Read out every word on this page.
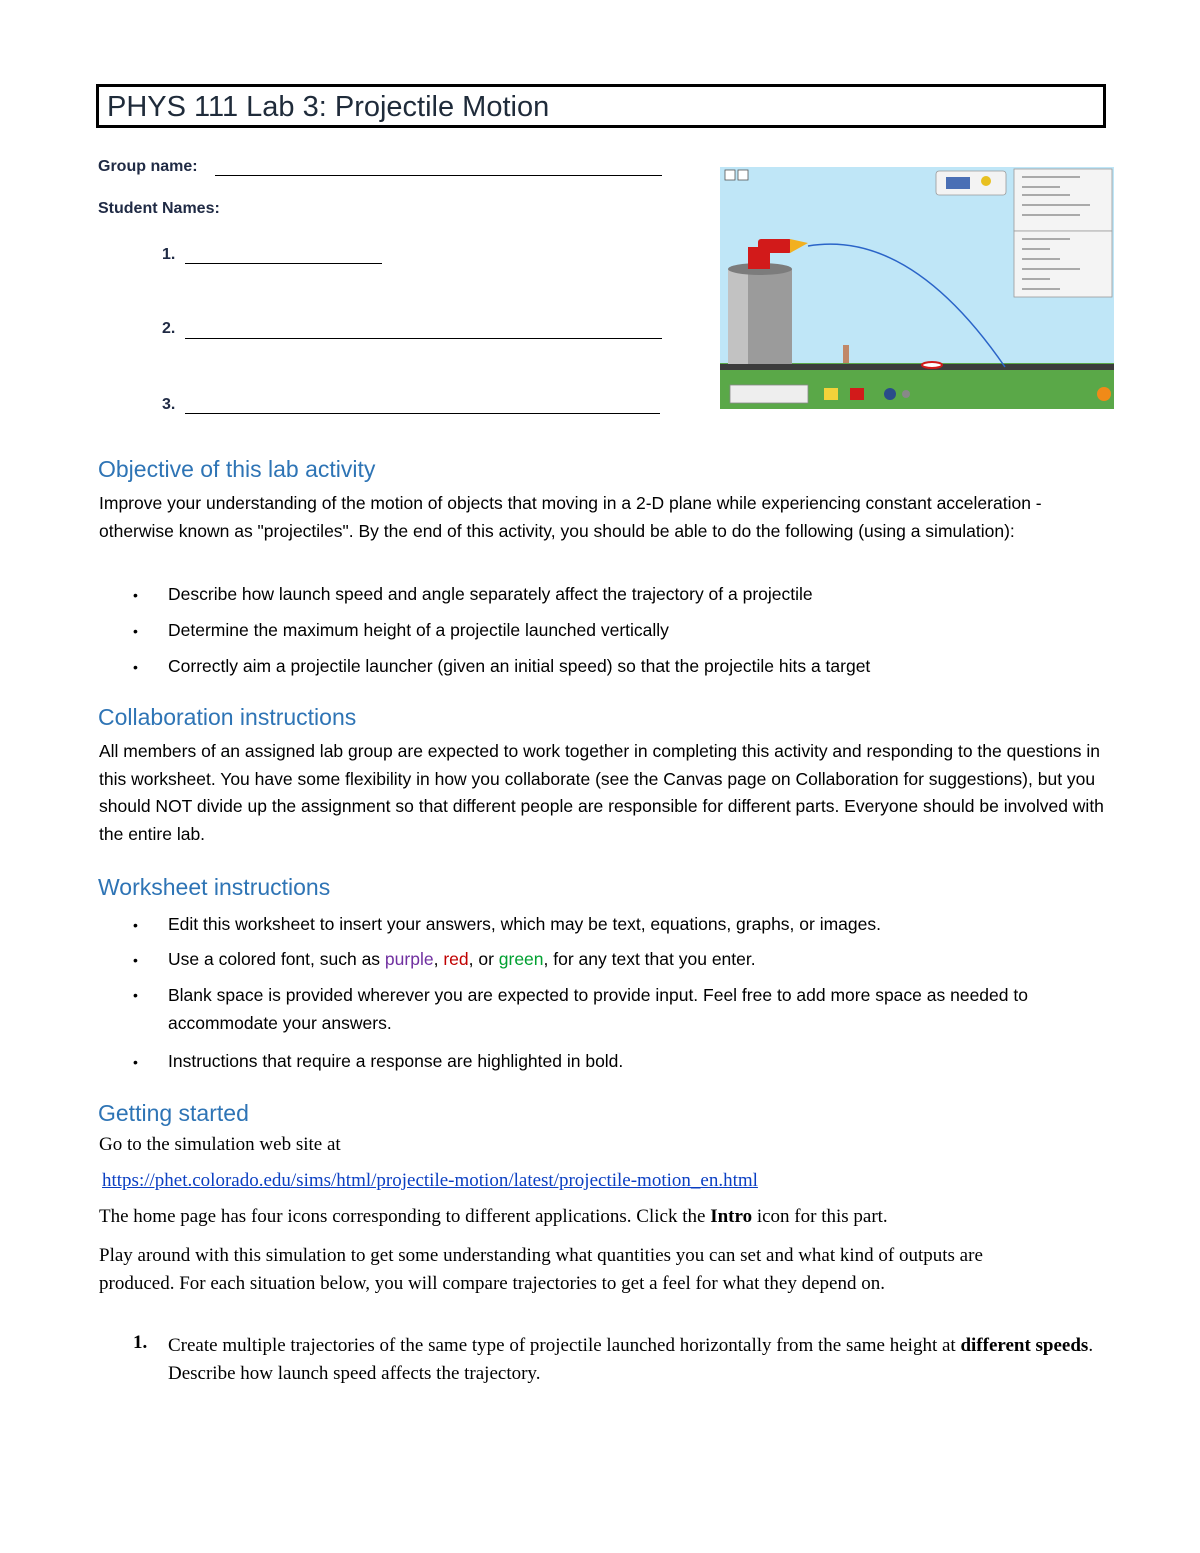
PHYS 111 Lab 3: Projectile Motion
Group name:
Student Names:
1.
2.
3.
Objective of this lab activity
Improve your understanding of the motion of objects that moving in a 2-D plane while experiencing constant acceleration - otherwise known as "projectiles". By the end of this activity, you should be able to do the following (using a simulation):
• Describe how launch speed and angle separately affect the trajectory of a projectile
• Determine the maximum height of a projectile launched vertically
• Correctly aim a projectile launcher (given an initial speed) so that the projectile hits a target
Collaboration instructions
All members of an assigned lab group are expected to work together in completing this activity and responding to the questions in this worksheet. You have some flexibility in how you collaborate (see the Canvas page on Collaboration for suggestions), but you should NOT divide up the assignment so that different people are responsible for different parts. Everyone should be involved with the entire lab.
Worksheet instructions
• Edit this worksheet to insert your answers, which may be text, equations, graphs, or images.
• Use a colored font, such as purple, red, or green, for any text that you enter.
• Blank space is provided wherever you are expected to provide input. Feel free to add more space as needed to accommodate your answers.
• Instructions that require a response are highlighted in bold.
Getting started
Go to the simulation web site at
https://phet.colorado.edu/sims/html/projectile-motion/latest/projectile-motion_en.html
The home page has four icons corresponding to different applications. Click the Intro icon for this part.
Play around with this simulation to get some understanding what quantities you can set and what kind of outputs are produced. For each situation below, you will compare trajectories to get a feel for what they depend on.
1. Create multiple trajectories of the same type of projectile launched horizontally from the same height at different speeds. Describe how launch speed affects the trajectory.
